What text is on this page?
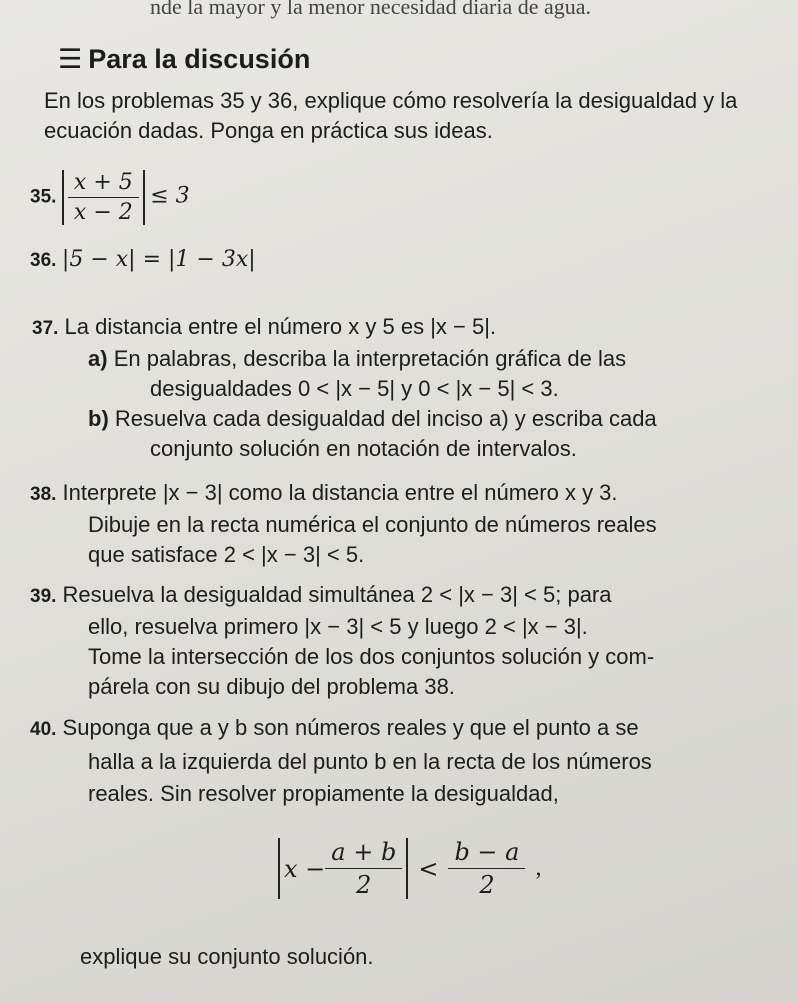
nde la mayor y la menor necesidad diaria de agua.
☰ Para la discusión
En los problemas 35 y 36, explique cómo resolvería la desigualdad y la ecuación dadas. Ponga en práctica sus ideas.
35. $\frac{x + 5}{x - 2} \le 3$
36. |5 − x| = |1 − 3x|
37. La distancia entre el número x y 5 es |x − 5|.
a) En palabras, describa la interpretación gráfica de las
desigualdades 0 < |x − 5| y 0 < |x − 5| < 3.
b) Resuelva cada desigualdad del inciso a) y escriba cada
conjunto solución en notación de intervalos.
38. Interprete |x − 3| como la distancia entre el número x y 3.
Dibuje en la recta numérica el conjunto de números reales
que satisface 2 < |x − 3| < 5.
39. Resuelva la desigualdad simultánea 2 < |x − 3| < 5; para
ello, resuelva primero |x − 3| < 5 y luego 2 < |x − 3|.
Tome la intersección de los dos conjuntos solución y com-
párela con su dibujo del problema 38.
40. Suponga que a y b son números reales y que el punto a se
halla a la izquierda del punto b en la recta de los números
reales. Sin resolver propiamente la desigualdad,
$x - \frac{a + b}{2} < \frac{b - a}{2}$ ,
explique su conjunto solución.
